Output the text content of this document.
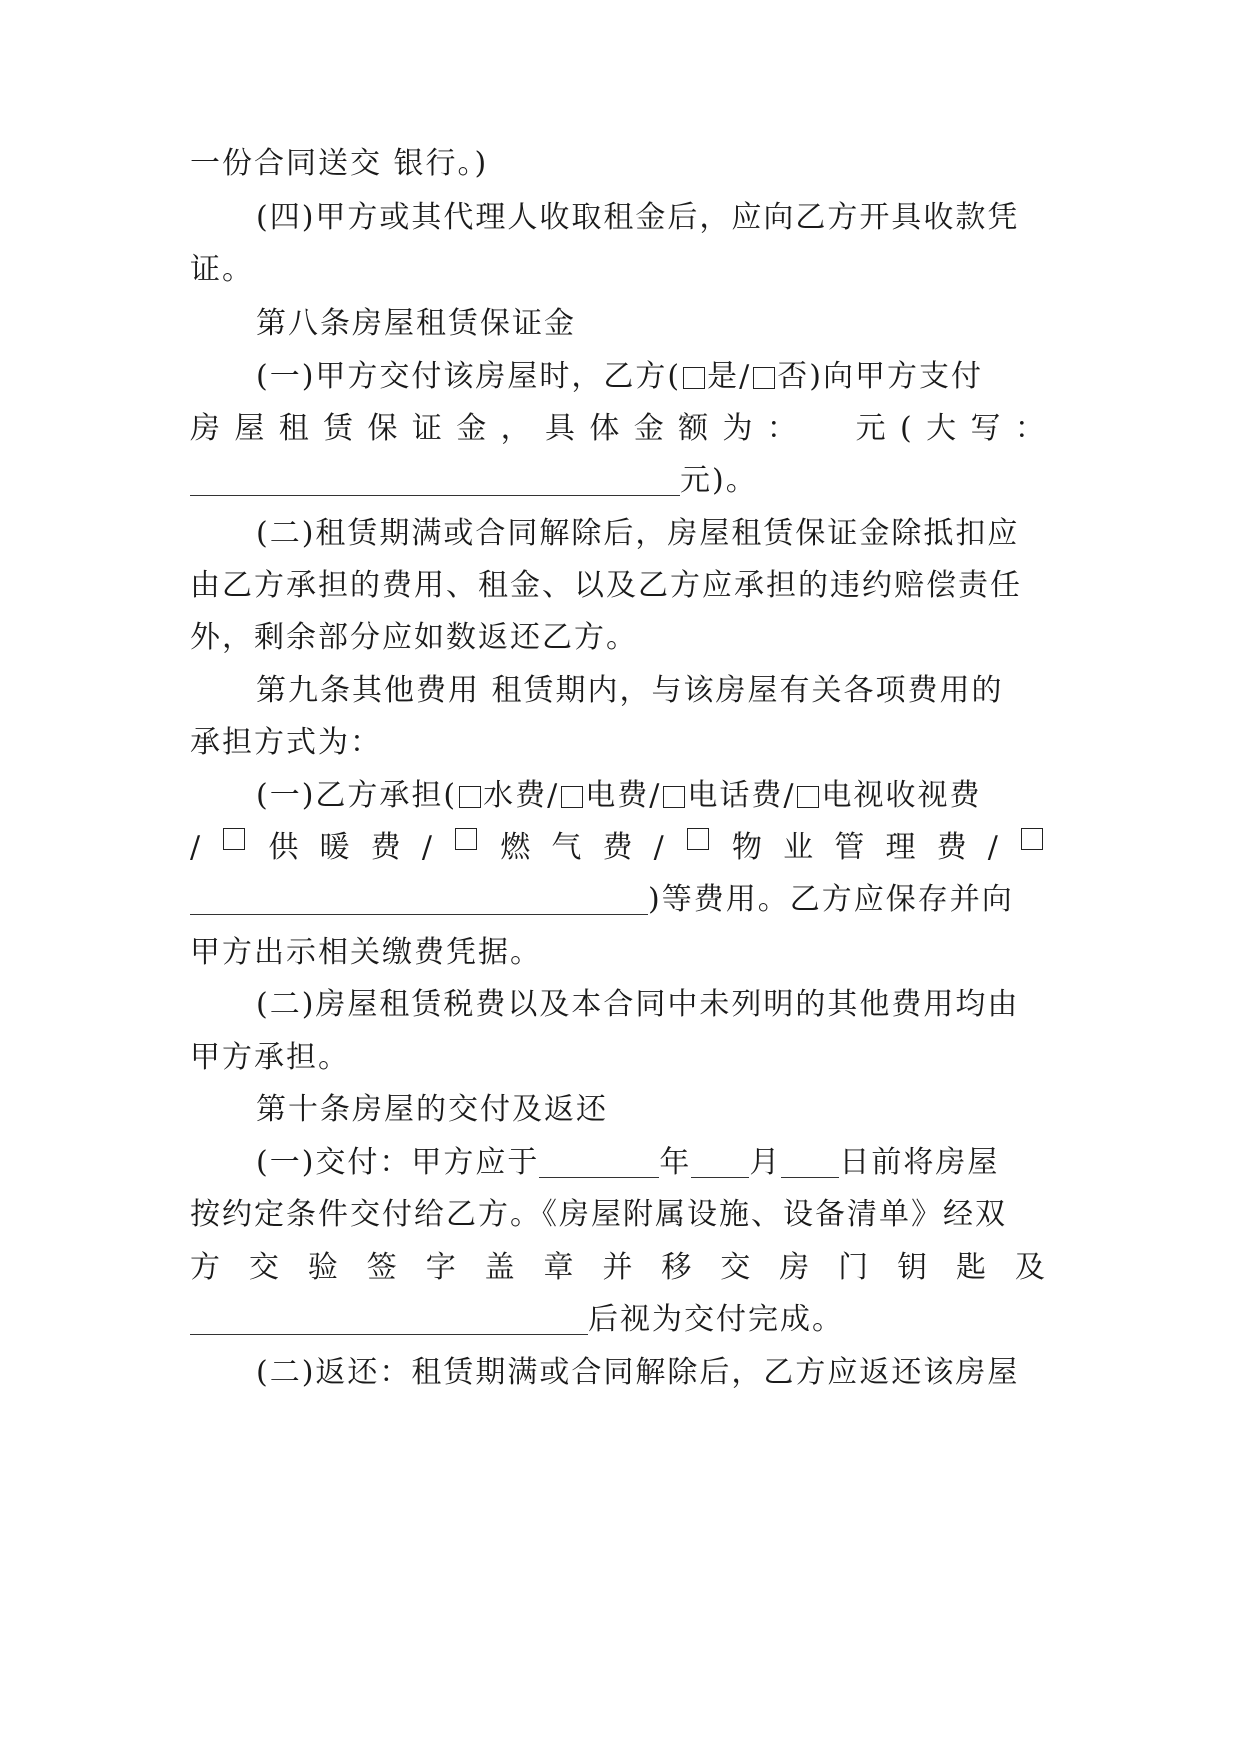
一份合同送交 银行。)
(四)甲方或其代理人收取租金后，应向乙方开具收款凭
证。
第八条房屋租赁保证金
(一)甲方交付该房屋时，乙方( 是/ 否)向甲方支付
房 屋 租 赁 保 证 金 ， 具 体 金 额 为 ： 元 ( 大 写 ：
元)。
(二)租赁期满或合同解除后，房屋租赁保证金除抵扣应
由乙方承担的费用、租金、以及乙方应承担的违约赔偿责任
外，剩余部分应如数返还乙方。
第九条其他费用 租赁期内，与该房屋有关各项费用的
承担方式为：
(一)乙方承担( 水费/ 电费/ 电话费/ 电视收视费
/ 供 暖 费 / 燃 气 费 / 物 业 管 理 费 /
)等费用。乙方应保存并向
甲方出示相关缴费凭据。
(二)房屋租赁税费以及本合同中未列明的其他费用均由
甲方承担。
第十条房屋的交付及返还
(一)交付：甲方应于	年 月 日前将房屋
按约定条件交付给乙方。《房屋附属设施、设备清单》经双
方 交 验 签 字 盖 章 并 移 交 房 门 钥 匙 及
后视为交付完成。
(二)返还：租赁期满或合同解除后，乙方应返还该房屋
